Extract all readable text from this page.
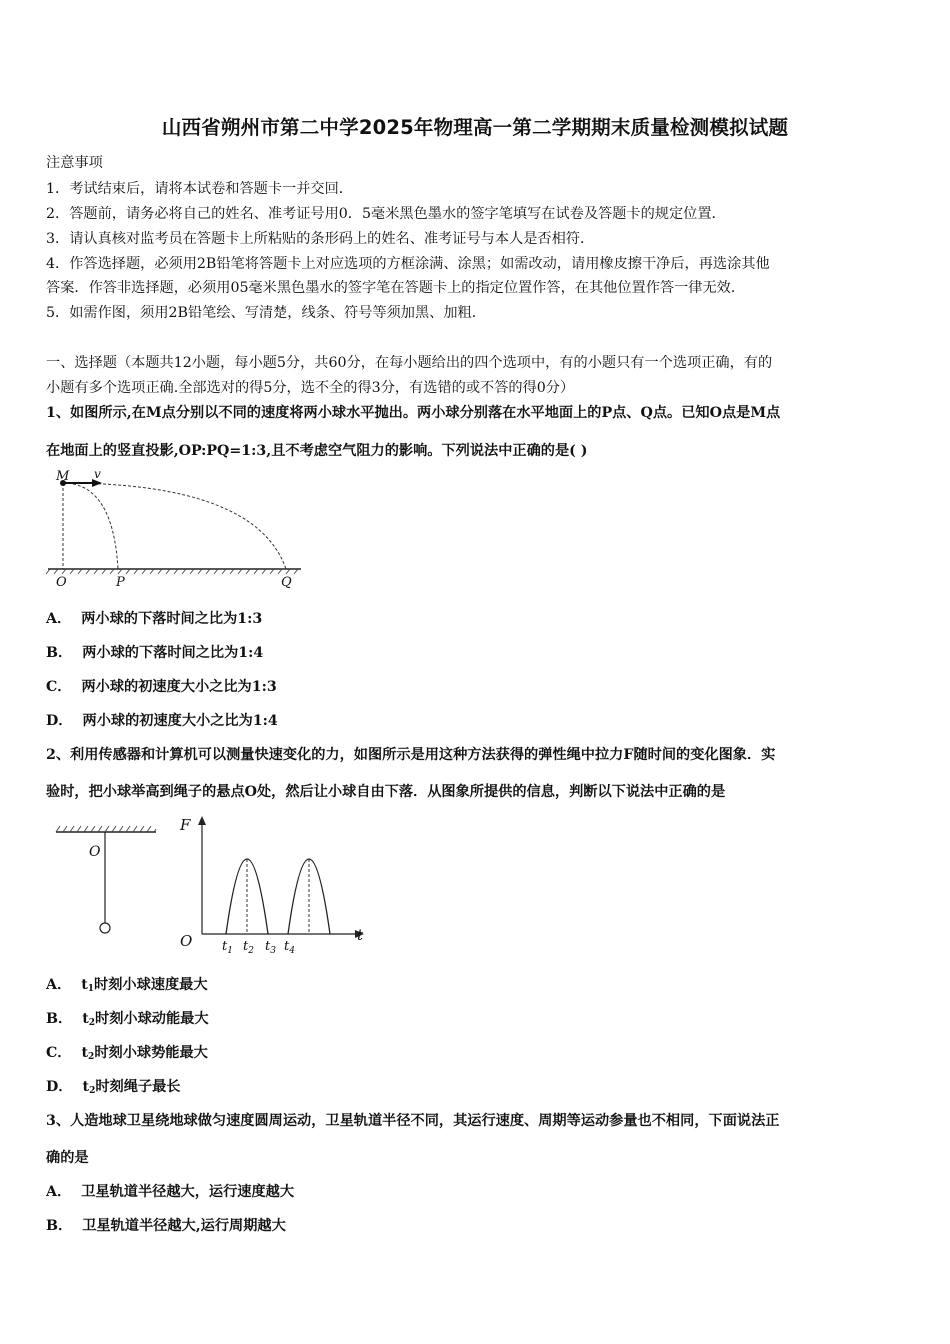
山西省朔州市第二中学2025年物理高一第二学期期末质量检测模拟试题
注意事项
1．考试结束后，请将本试卷和答题卡一并交回．
2．答题前，请务必将自己的姓名、准考证号用0．5毫米黑色墨水的签字笔填写在试卷及答题卡的规定位置．
3．请认真核对监考员在答题卡上所粘贴的条形码上的姓名、准考证号与本人是否相符．
4．作答选择题，必须用2B铅笔将答题卡上对应选项的方框涂满、涂黑；如需改动，请用橡皮擦干净后，再选涂其他
答案．作答非选择题，必须用05毫米黑色墨水的签字笔在答题卡上的指定位置作答，在其他位置作答一律无效．
5．如需作图，须用2B铅笔绘、写清楚，线条、符号等须加黑、加粗．
一、选择题（本题共12小题，每小题5分，共60分，在每小题给出的四个选项中，有的小题只有一个选项正确，有的
小题有多个选项正确.全部选对的得5分，选不全的得3分，有选错的或不答的得0分）
1、如图所示,在M点分别以不同的速度将两小球水平抛出。两小球分别落在水平地面上的P点、Q点。已知O点是M点
在地面上的竖直投影,OP:PQ=1:3,且不考虑空气阻力的影响。下列说法中正确的是( )
M v
O	P	Q
A． 两小球的下落时间之比为1:3
B． 两小球的下落时间之比为1:4
C． 两小球的初速度大小之比为1:3
D． 两小球的初速度大小之比为1:4
2、利用传感器和计算机可以测量快速变化的力，如图所示是用这种方法获得的弹性绳中拉力F随时间的变化图象．实
验时，把小球举高到绳子的悬点O处，然后让小球自由下落．从图象所提供的信息，判断以下说法中正确的是
O
F
O	t
$t_1$ $t_2$ $t_3$ $t_4$
A． $t_1$时刻小球速度最大
B． $t_2$时刻小球动能最大
C． $t_2$时刻小球势能最大
D． $t_2$时刻绳子最长
3、人造地球卫星绕地球做匀速度圆周运动，卫星轨道半径不同，其运行速度、周期等运动参量也不相同，下面说法正
确的是
A． 卫星轨道半径越大，运行速度越大
B． 卫星轨道半径越大,运行周期越大
